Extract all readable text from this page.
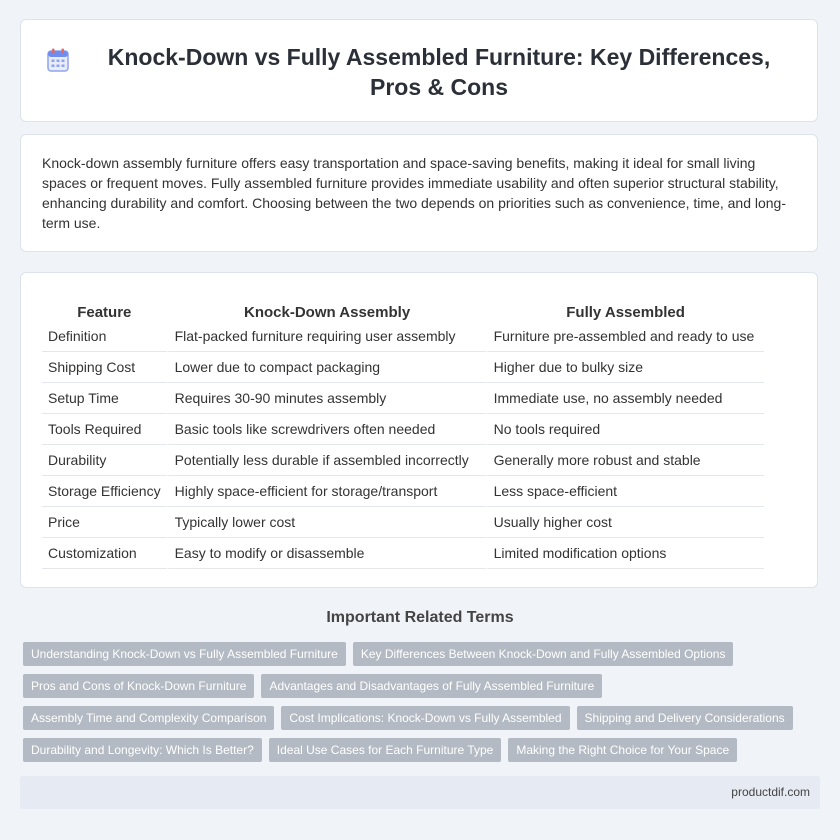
Knock-Down vs Fully Assembled Furniture: Key Differences, Pros & Cons

Knock-down assembly furniture offers easy transportation and space-saving benefits, making it ideal for small living spaces or frequent moves. Fully assembled furniture provides immediate usability and often superior structural stability, enhancing durability and comfort. Choosing between the two depends on priorities such as convenience, time, and long-term use.

Feature	Knock-Down Assembly	Fully Assembled
Definition	Flat-packed furniture requiring user assembly	Furniture pre-assembled and ready to use
Shipping Cost	Lower due to compact packaging	Higher due to bulky size
Setup Time	Requires 30-90 minutes assembly	Immediate use, no assembly needed
Tools Required	Basic tools like screwdrivers often needed	No tools required
Durability	Potentially less durable if assembled incorrectly	Generally more robust and stable
Storage Efficiency	Highly space-efficient for storage/transport	Less space-efficient
Price	Typically lower cost	Usually higher cost
Customization	Easy to modify or disassemble	Limited modification options
Important Related Terms
Understanding Knock-Down vs Fully Assembled Furniture	Key Differences Between Knock-Down and Fully Assembled Options
Pros and Cons of Knock-Down Furniture	Advantages and Disadvantages of Fully Assembled Furniture
Assembly Time and Complexity Comparison	Cost Implications: Knock-Down vs Fully Assembled	Shipping and Delivery Considerations
Durability and Longevity: Which Is Better?	Ideal Use Cases for Each Furniture Type	Making the Right Choice for Your Space
productdif.com
